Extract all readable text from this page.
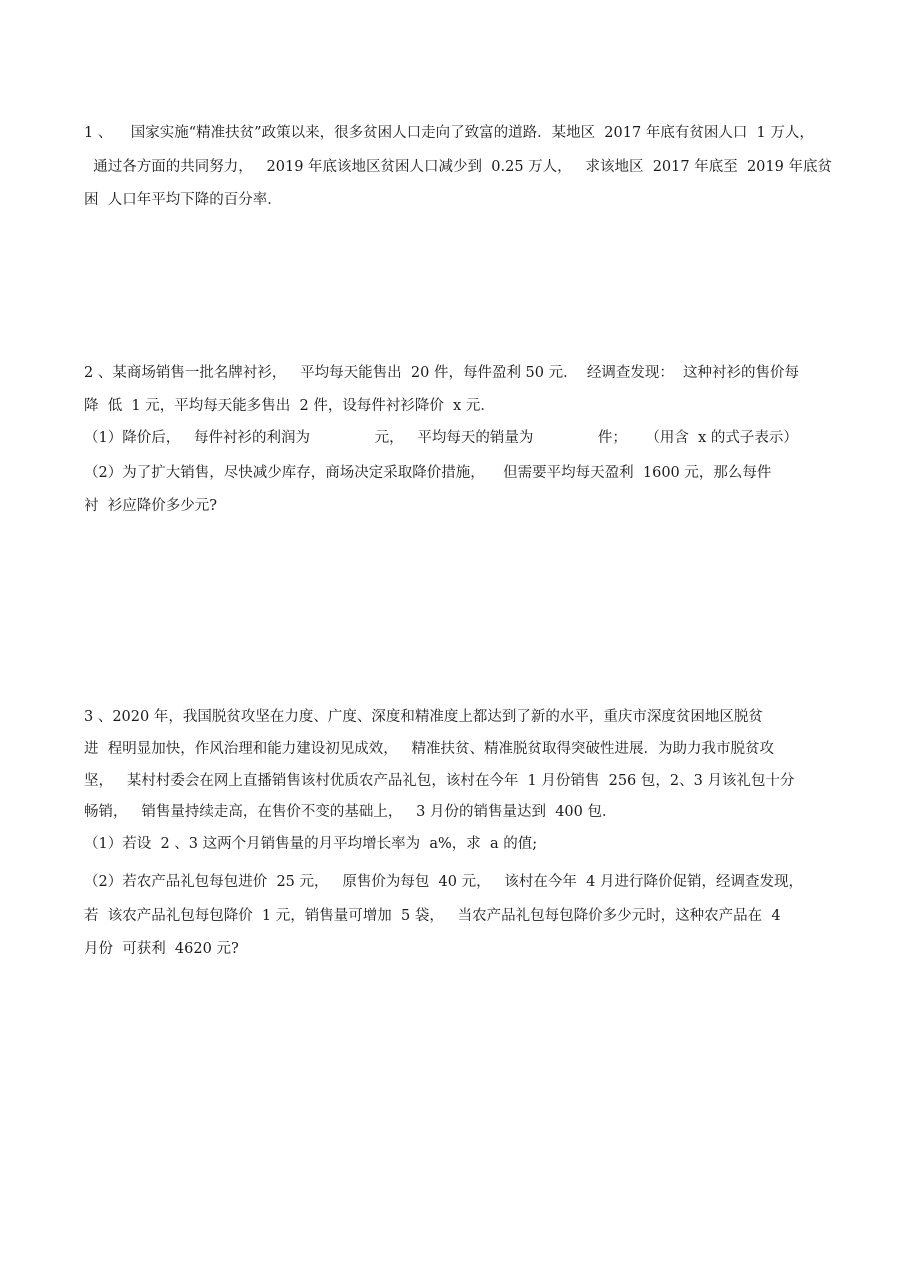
1 、    国家实施“精准扶贫”政策以来，很多贫困人口走向了致富的道路．某地区  2017 年底有贫困人口  1 万人，
通过各方面的共同努力，   2019 年底该地区贫困人口减少到  0.25 万人，   求该地区  2017 年底至  2019 年底贫
困  人口年平均下降的百分率．
2 、某商场销售一批名牌衬衫，   平均每天能售出  20 件，每件盈利 50 元．  经调查发现：  这种衬衫的售价每
降  低  1 元，平均每天能多售出  2 件，设每件衬衫降价  x 元．
（1）降价后，   每件衬衫的利润为              元，   平均每天的销量为              件；    （用含  x 的式子表示）
（2）为了扩大销售，尽快减少库存，商场决定采取降价措施，    但需要平均每天盈利  1600 元，那么每件
衬  衫应降价多少元?
3 、2020 年，我国脱贫攻坚在力度、广度、深度和精准度上都达到了新的水平，重庆市深度贫困地区脱贫
进  程明显加快，作风治理和能力建设初见成效，   精准扶贫、精准脱贫取得突破性进展．为助力我市脱贫攻
坚，   某村村委会在网上直播销售该村优质农产品礼包，该村在今年  1 月份销售  256 包，2、3 月该礼包十分
畅销，   销售量持续走高，在售价不变的基础上，   3 月份的销售量达到  400 包．
（1）若设  2 、3 这两个月销售量的月平均增长率为  a%，求  a 的值;
（2）若农产品礼包每包进价  25 元，   原售价为每包  40 元，   该村在今年  4 月进行降价促销，经调查发现，
若  该农产品礼包每包降价  1 元，销售量可增加  5 袋，   当农产品礼包每包降价多少元时，这种农产品在  4
月份  可获利  4620 元?
